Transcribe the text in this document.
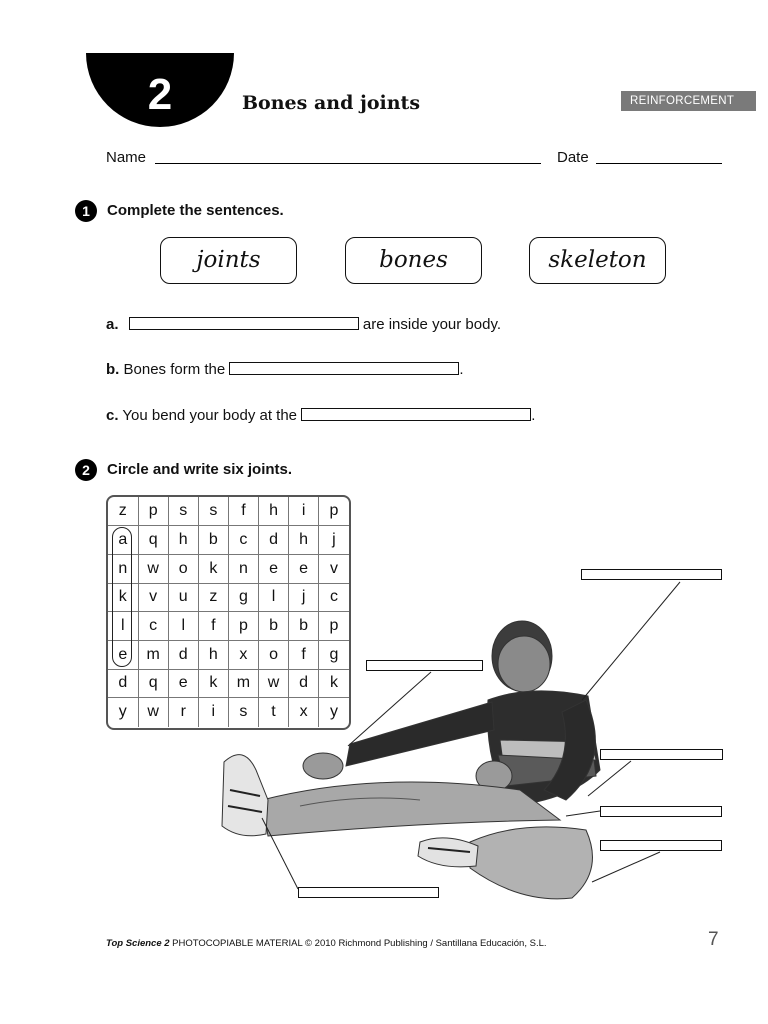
2	Bones and joints	REINFORCEMENT
Name	Date
1	Complete the sentences.
joints	bones	skeleton
a.	are inside your body.
b. Bones form the	.
c. You bend your body at the	.
2	Circle and write six joints.
z	p	s	s	f	h	i	p
a	q	h	b	c	d	h	j
n	w	o	k	n	e	e	v
k	v	u	z	g	l	j	c
l	c	l	f	p	b	b	p
e	m	d	h	x	o	f	g
d	q	e	k	m	w	d	k
y	w	r	i	s	t	x	y
Top Science 2 PHOTOCOPIABLE MATERIAL © 2010 Richmond Publishing / Santillana Educación, S.L.	7
